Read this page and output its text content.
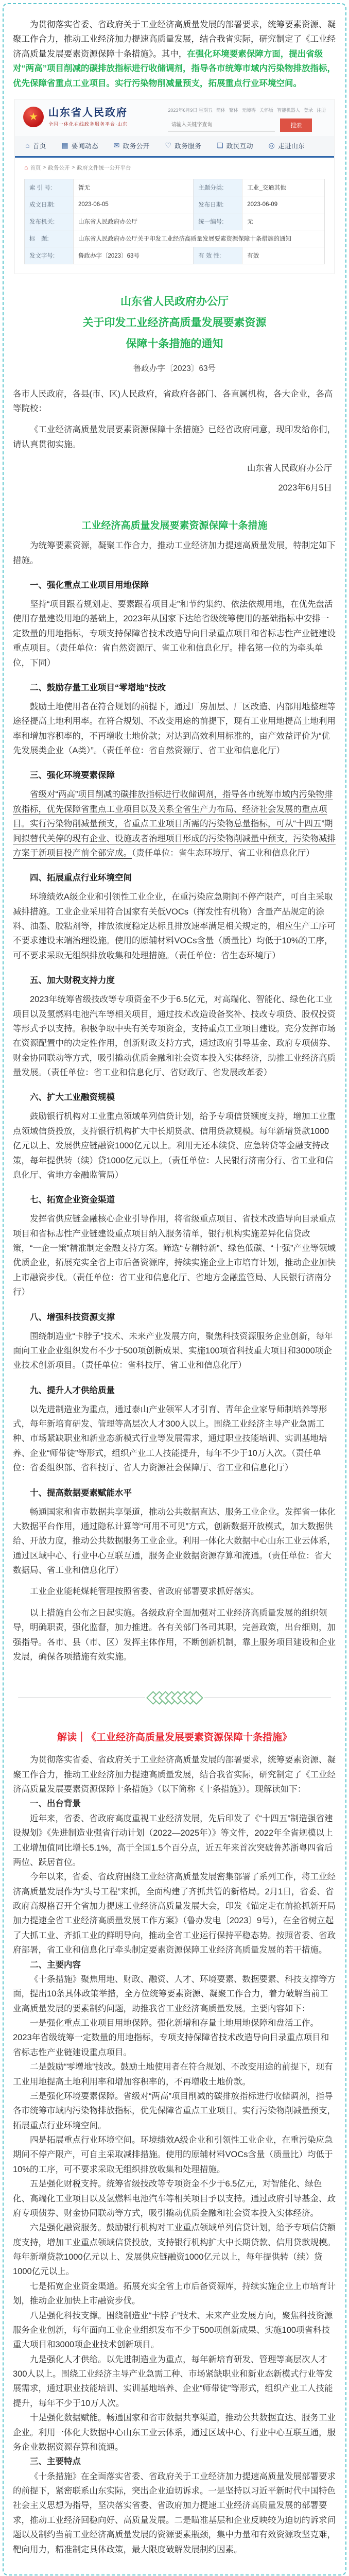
为贯彻落实省委、省政府关于工业经济高质量发展的部署要求，统筹要素资源、凝聚工作合力，推动工业经济加力提速高质量发展，结合我省实际，研究制定了《工业经济高质量发展要素资源保障十条措施》。其中，在强化环境要素保障方面，提出省级对“两高”项目削减的碳排放指标进行收储调剂，指导各市统筹市域内污染物排放指标，优先保障省重点工业项目。实行污染物削减量预支，拓展重点行业环境空间。

★ 山东省人民政府
全国一体化在线政务服务平台·山东
2023年6月9日 星期五 简体 繁体 无障碍 关怀版 智能机器人 登录 注册
请输入关键字查询
搜索
⌂ 首页 ▤ 要闻动态 ✉ 政务公开 ♡ 政务服务 ❏ 政民互动 ◎ 走进山东
⌂ 首页 > 政务公开 > 政府文件统一公开平台
索 引 号:	暂无	主题分类:	工业_交通其他
成文日期:	2023-06-05	发布日期:	2023-06-09
发布机关:	山东省人民政府办公厅	统一编号:	无
标　题:	山东省人民政府办公厅关于印发工业经济高质量发展要素资源保障十条措施的通知		
发文字号:	鲁政办字〔2023〕63号	有 效 性:	有效
山东省人民政府办公厅
关于印发工业经济高质量发展要素资源
保障十条措施的通知
鲁政办字〔2023〕63号

各市人民政府，各县(市、区)人民政府，省政府各部门、各直属机构，各大企业，各高等院校：

《工业经济高质量发展要素资源保障十条措施》已经省政府同意，现印发给你们，请认真贯彻实施。

山东省人民政府办公厅
2023年6月5日
工业经济高质量发展要素资源保障十条措施

为统筹要素资源，凝聚工作合力，推动工业经济加力提速高质量发展，特制定如下措施。

一、强化重点工业项目用地保障

坚持“项目跟着规划走、要素跟着项目走”和节约集约、依法依规用地，在优先盘活使用存量建设用地的基础上，2023年从国家下达给省级统筹使用的基础指标中安排一定数量的用地指标，专项支持保障省技术改造导向目录重点项目和省标志性产业链建设重点项目。（责任单位：省自然资源厅、省工业和信息化厅。排名第一位的为牵头单位，下同）

二、鼓励存量工业项目“零增地”技改

鼓励土地使用者在符合规划的前提下，通过厂房加层、厂区改造、内部用地整理等途径提高土地利用率。在符合规划、不改变用途的前提下，现有工业用地提高土地利用率和增加容积率的，不再增收土地价款；对达到高效利用标准的，亩产效益评价为“优先发展类企业（A类）”。（责任单位：省自然资源厅、省工业和信息化厅）

三、强化环境要素保障

省级对“两高”项目削减的碳排放指标进行收储调剂，指导各市统筹市域内污染物排放指标，优先保障省重点工业项目以及关系全省生产力布局、经济社会发展的重点项目。实行污染物削减量预支，省重点工业项目所需的污染物总量指标，可从“十四五”期间拟替代关停的现有企业、设施或者治理项目形成的污染物削减量中预支，污染物减排方案于新项目投产前全部完成。（责任单位：省生态环境厅、省工业和信息化厅）

四、拓展重点行业环境空间

环境绩效A级企业和引领性工业企业，在重污染应急期间不停产限产，可自主采取减排措施。工业企业采用符合国家有关低VOCs（挥发性有机物）含量产品规定的涂料、油墨、胶粘剂等，排放浓度稳定达标且排放速率满足相关规定的，相应生产工序可不要求建设末端治理设施。使用的原辅材料VOCs含量（质量比）均低于10%的工序，可不要求采取无组织排放收集和处理措施。（责任单位：省生态环境厅）

五、加大财税支持力度

2023年统筹省级技改等专项资金不少于6.5亿元，对高端化、智能化、绿色化工业项目以及氢燃料电池汽车等相关项目，通过技术改造设备奖补、技改专项贷、股权投资等形式予以支持。积极争取中央有关专项资金，支持重点工业项目建设。充分发挥市场在资源配置中的决定性作用，创新财政支持方式，通过政府引导基金、政府专项债券、财金协同联动等方式，吸引撬动优质金融和社会资本投入实体经济，助推工业经济高质量发展。（责任单位：省工业和信息化厅、省财政厅、省发展改革委）

六、扩大工业融资规模

鼓励银行机构对工业重点领域单列信贷计划，给予专项信贷额度支持，增加工业重点领域信贷投放，支持银行机构扩大中长期贷款、信用贷款规模。每年新增贷款1000亿元以上、发展供应链融资1000亿元以上。利用无还本续贷、应急转贷等金融支持政策，每年提供转（续）贷1000亿元以上。（责任单位：人民银行济南分行、省工业和信息化厅、省地方金融监管局）

七、拓宽企业资金渠道

发挥省供应链金融核心企业引导作用，将省级重点项目、省技术改造导向目录重点项目和省标志性产业链建设重点项目纳入服务清单，银行机构实施差异化信贷政策，“一企一策”精准制定金融支持方案。筛选“专精特新”、绿色低碳、“十强”产业等领域优质企业，拓展充实全省上市后备资源库，持续实施企业上市培育计划，推动企业加快上市融资步伐。（责任单位：省工业和信息化厅、省地方金融监管局、人民银行济南分行）

八、增强科技资源支撑

围绕制造业“卡脖子”技术、未来产业发展方向，聚焦科技资源服务企业创新，每年面向工业企业组织发布不少于500项创新成果、实施100项省科技重大项目和3000项企业技术创新项目。（责任单位：省科技厅、省工业和信息化厅）

九、提升人才供给质量

以先进制造业为重点，通过泰山产业领军人才引育、青年企业家导师制培养等形式，每年新培育研发、管理等高层次人才300人以上。围绕工业经济主导产业急需工种、市场紧缺职业和新业态新模式行业等发展需求，通过职业技能培训、实训基地培养、企业“师带徒”等形式，组织产业工人技能提升，每年不少于10万人次。（责任单位：省委组织部、省科技厅、省人力资源社会保障厅、省工业和信息化厅）

十、提高数据要素赋能水平

畅通国家和省市数据共享渠道，推动公共数据直达、服务工业企业。发挥省一体化大数据平台作用，通过隐私计算等“可用不可见”方式，创新数据开放模式，加大数据供给、开放力度，推动公共数据服务工业企业。利用一体化大数据中心山东工业云体系，通过区域中心、行业中心互联互通，服务企业数据资源存算和流通。（责任单位：省大数据局、省工业和信息化厅）

工业企业能耗煤耗管理按照省委、省政府部署要求抓好落实。

以上措施自公布之日起实施。各级政府全面加强对工业经济高质量发展的组织领导，明确职责，强化监督，加力推进。各有关部门各司其职，完善政策，出台细则，加强指导。各市、县（市、区）发挥主体作用，不断创新机制，靠上服务项目建设和企业发展，确保各项措施有效实施。

解读｜《工业经济高质量发展要素资源保障十条措施》

为贯彻落实省委、省政府关于工业经济高质量发展的部署要求，统筹要素资源、凝聚工作合力，推动工业经济加力提速高质量发展，结合我省实际，研究制定了《工业经济高质量发展要素资源保障十条措施》（以下简称《十条措施》）。现解读如下：

一、出台背景

近年来，省委、省政府高度重视工业经济发展，先后印发了《“十四五”制造强省建设规划》《先进制造业强省行动计划（2022—2025年）》等文件，2022年全省规模以上工业增加值同比增长5.1%，高于全国1.5个百分点，近五年来首次突破鲁苏浙粤四省后两位、跃居首位。

今年以来，省委、省政府围绕工业经济高质量发展密集部署了系列工作，将工业经济高质量发展作为“头号工程”来抓，全面构建了齐抓共管的新格局。2月1日，省委、省政府高规格召开全省加力提速工业经济高质量发展大会，印发《锚定走在前抢抓新开局加力提速全省工业经济高质量发展工作方案》（鲁办发电〔2023〕9号），在全省树立起了大抓工业、齐抓工业的鲜明导向，推动全省工业运行保持平稳态势。按照省委、省政府部署，省工业和信息化厅牵头制定要素资源保障工业经济高质量发展的若干措施。

二、主要内容

《十条措施》聚焦用地、财政、融资、人才、环境要素、数据要素、科技支撑等方面，提出10条具体政策举措，全方位统筹要素资源、凝聚工作合力，着力破解当前工业高质量发展的要素制约问题，助推我省工业经济高质量发展。主要内容如下：

一是强化重点工业项目用地保障。强化新增和存量土地用地保障和盘活工作。2023年省级统筹一定数量的用地指标，专项支持保障省技术改造导向目录重点项目和省标志性产业链建设重点项目。

二是鼓励“零增地”技改。鼓励土地使用者在符合规划、不改变用途的前提下，现有工业用地提高土地利用率和增加容积率的，不再增收土地价款。

三是强化环境要素保障。省级对“两高”项目削减的碳排放指标进行收储调剂，指导各市统筹市域内污染物排放指标，优先保障省重点工业项目。实行污染物削减量预支，拓展重点行业环境空间。

四是拓展重点行业环境空间。环境绩效A级企业和引领性工业企业，在重污染应急期间不停产限产，可自主采取减排措施。使用的原辅材料VOCs含量（质量比）均低于10%的工序，可不要求采取无组织排放收集和处理措施。

五是强化财税支持。统筹省级技改等专项资金不少于6.5亿元，对智能化、绿色化、高端化工业项目以及氢燃料电池汽车等相关项目予以支持。通过政府引导基金、政府专项债券、财金协同联动等方式，吸引撬动优质金融和社会资本投入实体经济。

六是强化融资服务。鼓励银行机构对工业重点领域单列信贷计划，给予专项信贷额度支持，增加工业重点领域信贷投放，支持银行机构扩大中长期贷款、信用贷款规模。每年新增贷款1000亿元以上、发展供应链融资1000亿元以上，每年提供转（续）贷1000亿元以上。

七是拓宽企业资金渠道。拓展充实全省上市后备资源库，持续实施企业上市培育计划，推动企业加快上市融资步伐。

八是强化科技支撑。围绕制造业“卡脖子”技术、未来产业发展方向，聚焦科技资源服务企业创新，每年面向工业企业组织发布不少于500项创新成果、实施100项省科技重大项目和3000项企业技术创新项目。

九是强化人才供给。以先进制造业为重点，每年新培育研发、管理等高层次人才300人以上。围绕工业经济主导产业急需工种、市场紧缺职业和新业态新模式行业等发展需求，通过职业技能培训、实训基地培养、企业“师带徒”等形式，组织产业工人技能提升，每年不少于10万人次。

十是强化数据赋能。畅通国家和省市数据共享渠道，推动公共数据直达、服务工业企业。利用一体化大数据中心山东工业云体系，通过区域中心、行业中心互联互通，服务企业数据资源存算和流通。

三、主要特点

《十条措施》在全面落实省委、省政府关于工业经济加力提速高质量发展部署要求的前提下，紧密联系山东实际，突出企业迫切诉求。一是坚持以习近平新时代中国特色社会主义思想为指导，坚决落实省委、省政府加力提速工业经济高质量发展的部署要求，推动工业经济回稳向好、高质量发展。二是瞄准基层和企业反映较为迫切的诉求问题以及制约当前工业经济高质量发展的资源要素瓶颈，集中力量和有效资源攻坚克难，靶向用力，精准制定具体政策，最大限度破解发展制约因素。
